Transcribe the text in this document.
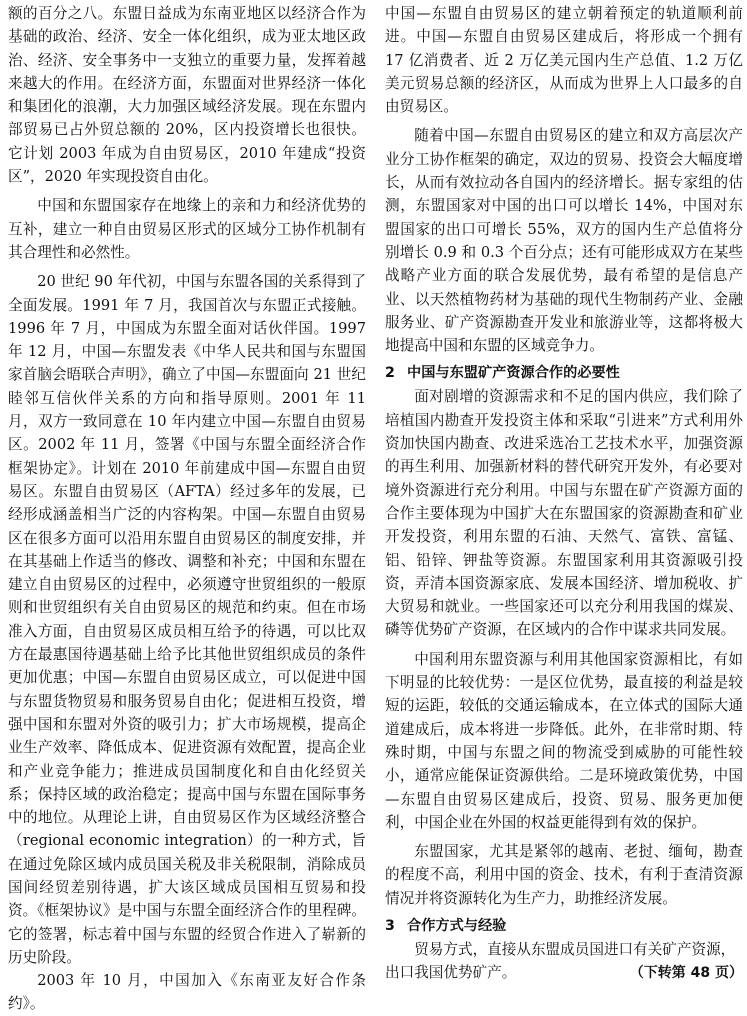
额的百分之八。东盟日益成为东南亚地区以经济合作为基础的政治、经济、安全一体化组织，成为亚太地区政治、经济、安全事务中一支独立的重要力量，发挥着越来越大的作用。在经济方面，东盟面对世界经济一体化和集团化的浪潮，大力加强区域经济发展。现在东盟内部贸易已占外贸总额的 20%，区内投资增长也很快。它计划 2003 年成为自由贸易区，2010 年建成“投资区”，2020 年实现投资自由化。

中国和东盟国家存在地缘上的亲和力和经济优势的互补，建立一种自由贸易区形式的区域分工协作机制有其合理性和必然性。

20 世纪 90 年代初，中国与东盟各国的关系得到了全面发展。1991 年 7 月，我国首次与东盟正式接触。1996 年 7 月，中国成为东盟全面对话伙伴国。1997 年 12 月，中国—东盟发表《中华人民共和国与东盟国家首脑会晤联合声明》，确立了中国—东盟面向 21 世纪睦邻互信伙伴关系的方向和指导原则。2001 年 11 月，双方一致同意在 10 年内建立中国—东盟自由贸易区。2002 年 11 月，签署《中国与东盟全面经济合作框架协定》。计划在 2010 年前建成中国—东盟自由贸易区。东盟自由贸易区（AFTA）经过多年的发展，已经形成涵盖相当广泛的内容构架。中国—东盟自由贸易区在很多方面可以沿用东盟自由贸易区的制度安排，并在其基础上作适当的修改、调整和补充；中国和东盟在建立自由贸易区的过程中，必须遵守世贸组织的一般原则和世贸组织有关自由贸易区的规范和约束。但在市场准入方面，自由贸易区成员相互给予的待遇，可以比双方在最惠国待遇基础上给予比其他世贸组织成员的条件更加优惠；中国—东盟自由贸易区成立，可以促进中国与东盟货物贸易和服务贸易自由化；促进相互投资，增强中国和东盟对外资的吸引力；扩大市场规模，提高企业生产效率、降低成本、促进资源有效配置，提高企业和产业竞争能力；推进成员国制度化和自由化经贸关系；保持区域的政治稳定；提高中国与东盟在国际事务中的地位。从理论上讲，自由贸易区作为区域经济整合（regional economic integration）的一种方式，旨在通过免除区域内成员国关税及非关税限制，消除成员国间经贸差别待遇，扩大该区域成员国相互贸易和投资。《框架协议》是中国与东盟全面经济合作的里程碑。它的签署，标志着中国与东盟的经贸合作进入了崭新的历史阶段。

2003 年 10 月，中国加入《东南亚友好合作条约》。

中国—东盟自由贸易区的建立朝着预定的轨道顺利前进。中国—东盟自由贸易区建成后，将形成一个拥有 17 亿消费者、近 2 万亿美元国内生产总值、1.2 万亿美元贸易总额的经济区，从而成为世界上人口最多的自由贸易区。

随着中国—东盟自由贸易区的建立和双方高层次产业分工协作框架的确定，双边的贸易、投资会大幅度增长，从而有效拉动各自国内的经济增长。据专家组的估测，东盟国家对中国的出口可以增长 14%，中国对东盟国家的出口可增长 55%，双方的国内生产总值将分别增长 0.9 和 0.3 个百分点；还有可能形成双方在某些战略产业方面的联合发展优势，最有希望的是信息产业、以天然植物药材为基础的现代生物制药产业、金融服务业、矿产资源勘查开发业和旅游业等，这都将极大地提高中国和东盟的区域竞争力。

2 中国与东盟矿产资源合作的必要性

面对剧增的资源需求和不足的国内供应，我们除了培植国内勘查开发投资主体和采取“引进来”方式利用外资加快国内勘查、改进采选冶工艺技术水平，加强资源的再生利用、加强新材料的替代研究开发外，有必要对境外资源进行充分利用。中国与东盟在矿产资源方面的合作主要体现为中国扩大在东盟国家的资源勘查和矿业开发投资，利用东盟的石油、天然气、富铁、富锰、铝、铅锌、钾盐等资源。东盟国家利用其资源吸引投资，弄清本国资源家底、发展本国经济、增加税收、扩大贸易和就业。一些国家还可以充分利用我国的煤炭、磷等优势矿产资源，在区域内的合作中谋求共同发展。

中国利用东盟资源与利用其他国家资源相比，有如下明显的比较优势：一是区位优势，最直接的利益是较短的运距，较低的交通运输成本，在立体式的国际大通道建成后，成本将进一步降低。此外，在非常时期、特殊时期，中国与东盟之间的物流受到威胁的可能性较小，通常应能保证资源供给。二是环境政策优势，中国—东盟自由贸易区建成后，投资、贸易、服务更加便利，中国企业在外国的权益更能得到有效的保护。

东盟国家，尤其是紧邻的越南、老挝、缅甸，勘查的程度不高，利用中国的资金、技术，有利于查清资源情况并将资源转化为生产力，助推经济发展。

3 合作方式与经验

贸易方式，直接从东盟成员国进口有关矿产资源，

出口我国优势矿产。	（下转第 48 页）
